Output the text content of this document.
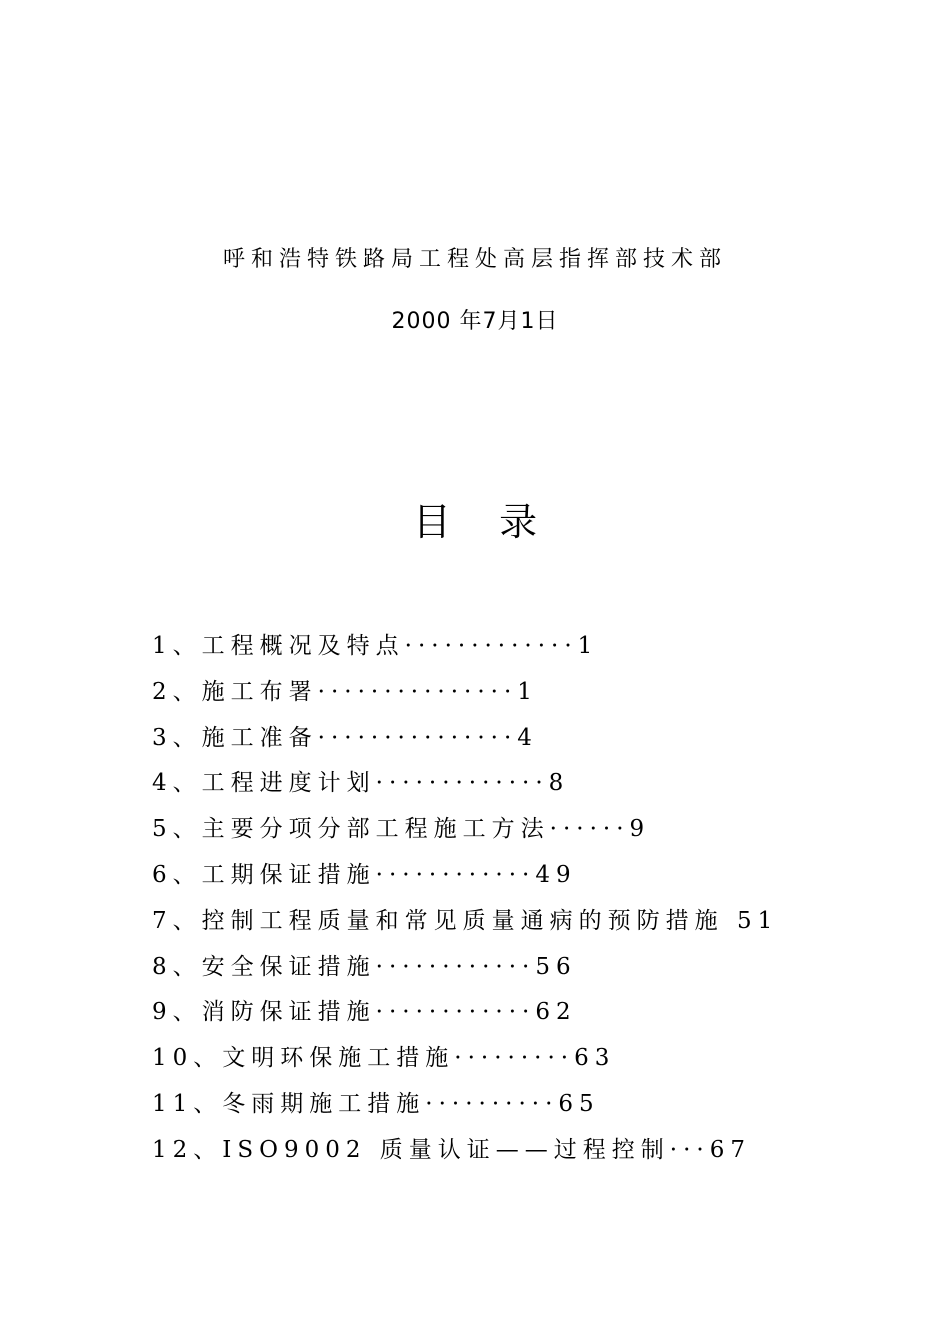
呼和浩特铁路局工程处高层指挥部技术部
2000 年7月1日
目    录
1、工程概况及特点·············1
2、施工布署···············1
3、施工准备···············4
4、工程进度计划·············8
5、主要分项分部工程施工方法······9
6、工期保证措施············49
7、控制工程质量和常见质量通病的预防措施 51
8、安全保证措施············56
9、消防保证措施············62
10、文明环保施工措施·········63
11、冬雨期施工措施··········65
12、ISO9002 质量认证——过程控制···67
